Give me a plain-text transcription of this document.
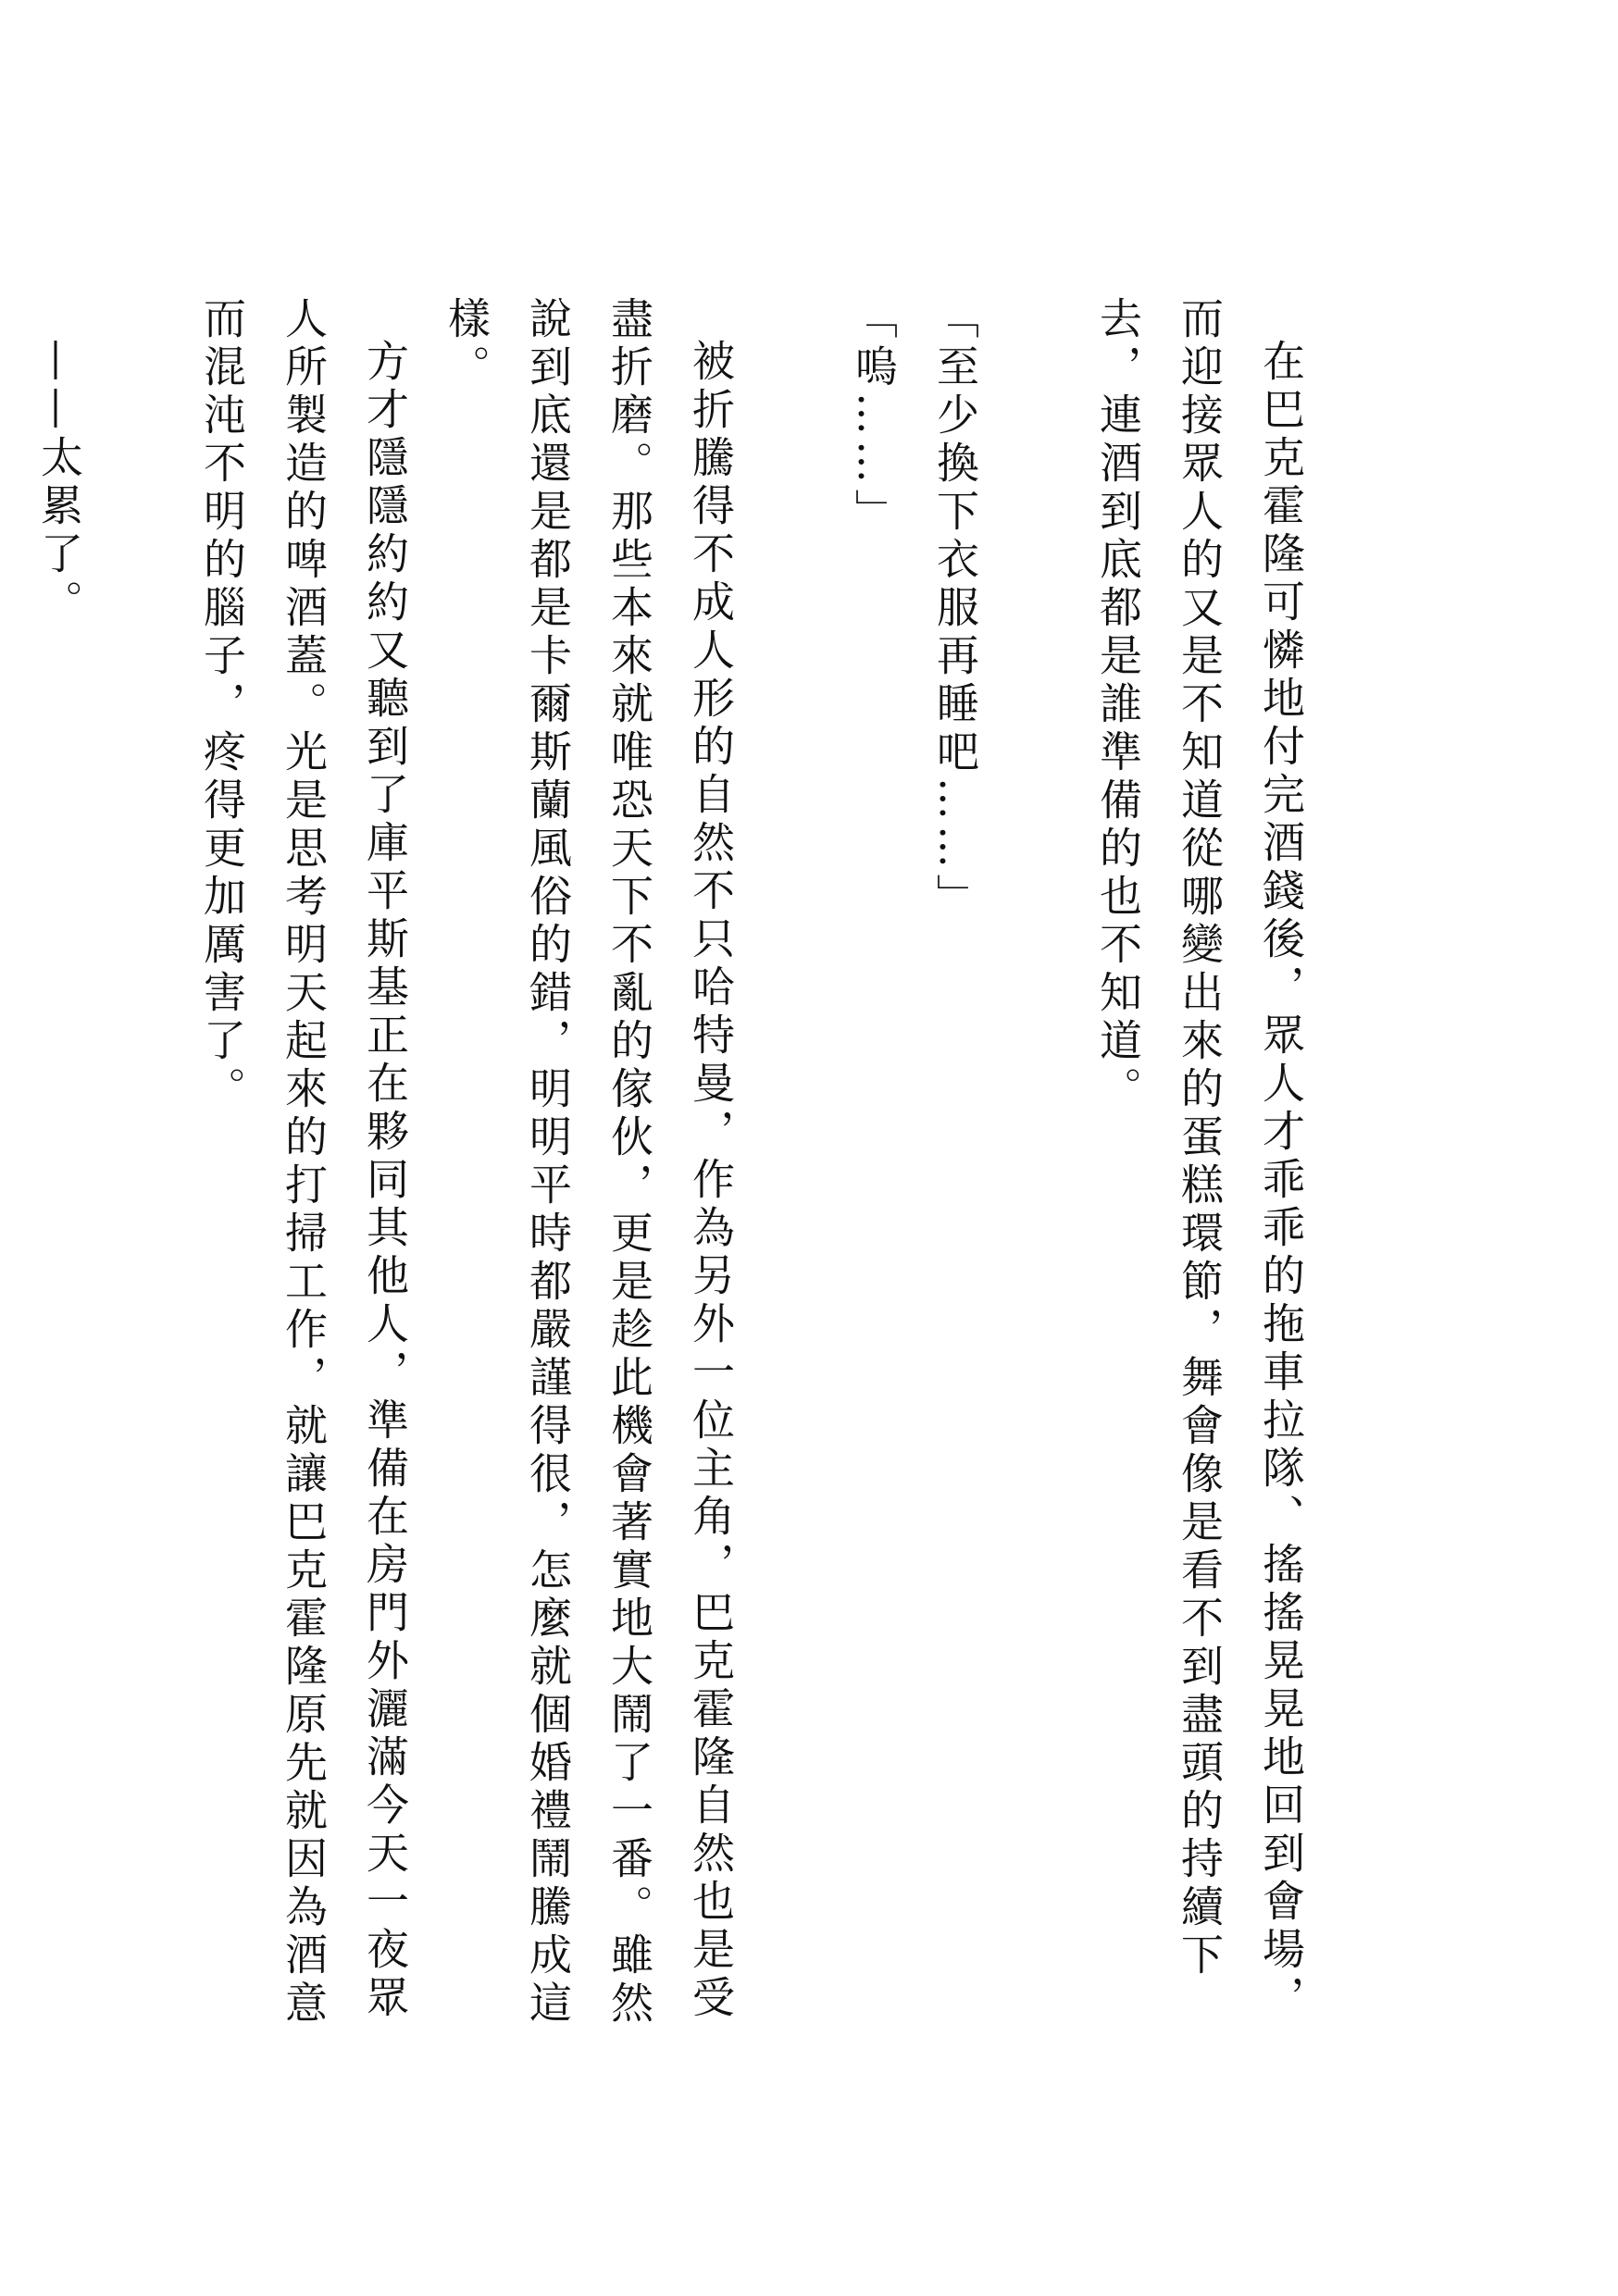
在巴克霍隆可憐地付完酒錢後，眾人才乖乖的拖車拉隊、搖搖晃晃地回到會場，而迎接眾人的又是不知道從哪變出來的蛋糕環節，舞會像是看不到盡頭的持續下去，連酒到底都是誰準備的也不知道。

「至少換下衣服再睡吧……」

「嗚……」

被折騰得不成人形的自然不只哈特曼，作為另外一位主角，巴克霍隆自然也是受盡折磨。那些本來就唯恐天下不亂的傢伙，更是趁此機會著實地大鬧了一番。雖然說到底還是都是卡爾斯蘭風俗的錯，明明平時都嚴謹得很，怎麼就個婚禮鬧騰成這樣。

方才隱隱約約又聽到了庫平斯基正在夥同其他人，準備在房門外灑滿今天一夜眾人所製造的啤酒蓋。光是思考明天起來的打掃工作，就讓巴克霍隆原先就因為酒意而混沌不明的腦子，疼得更加厲害了。

——太累了。
